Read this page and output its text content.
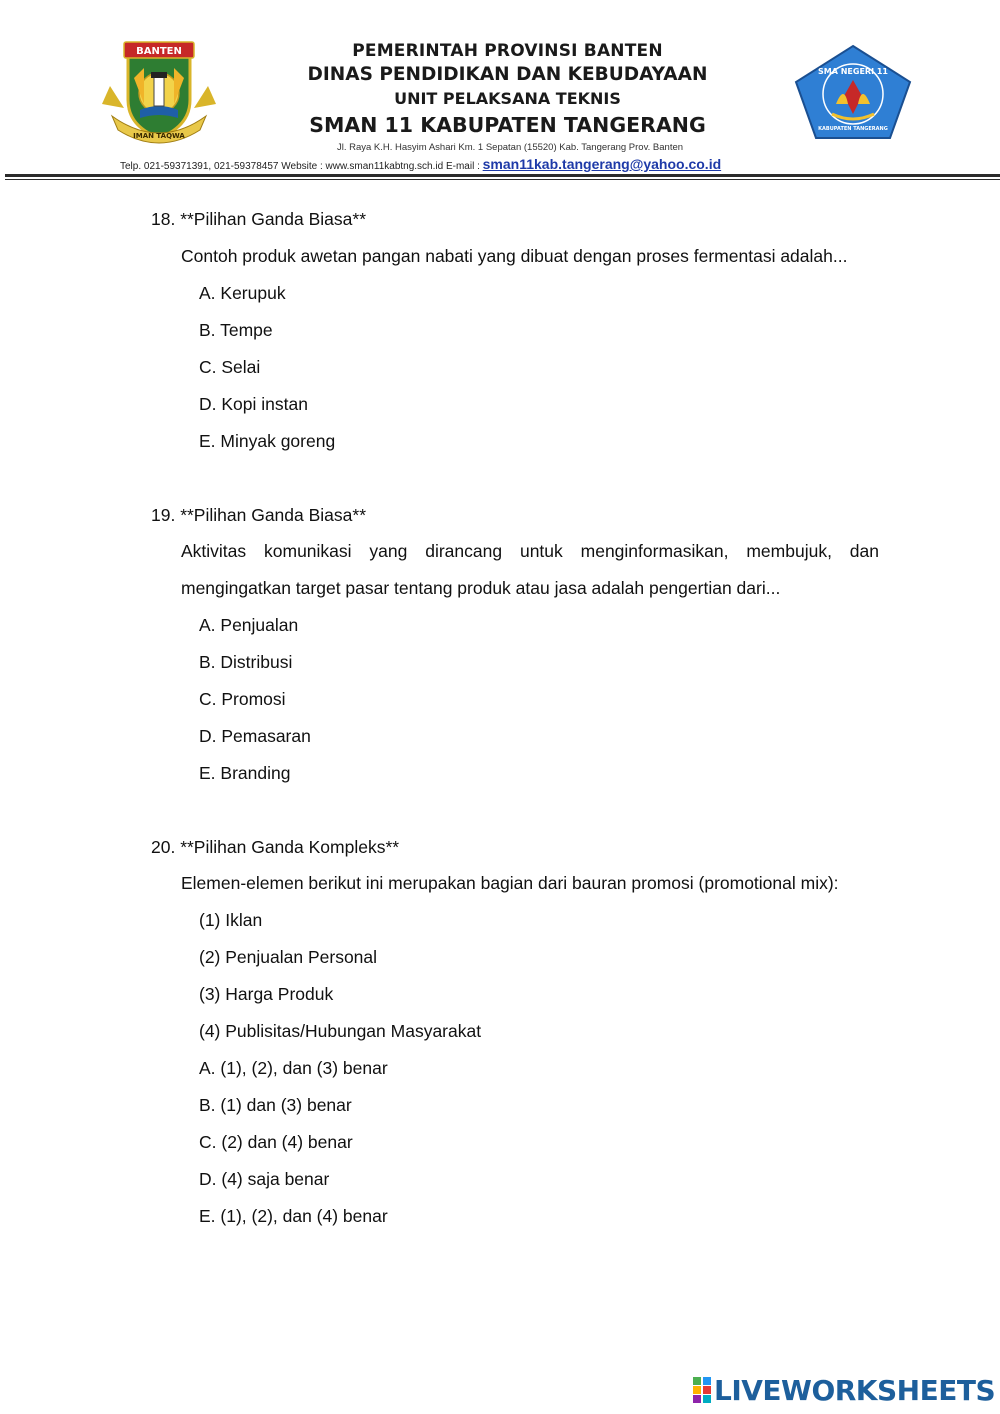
BANTEN
IMAN TAQWA
PEMERINTAH PROVINSI BANTEN
DINAS PENDIDIKAN DAN KEBUDAYAAN
UNIT PELAKSANA TEKNIS
SMAN 11 KABUPATEN TANGERANG
SMA NEGERI 11
KABUPATEN TANGERANG
Jl. Raya K.H. Hasyim Ashari Km. 1 Sepatan (15520) Kab. Tangerang Prov. Banten
Telp. 021-59371391, 021-59378457 Website : www.sman11kabtng.sch.id E-mail : sman11kab.tangerang@yahoo.co.id
18. **Pilihan Ganda Biasa**
Contoh produk awetan pangan nabati yang dibuat dengan proses fermentasi adalah...
A. Kerupuk
B. Tempe
C. Selai
D. Kopi instan
E. Minyak goreng
19. **Pilihan Ganda Biasa**
Aktivitas komunikasi yang dirancang untuk menginformasikan, membujuk, dan mengingatkan target pasar tentang produk atau jasa adalah pengertian dari...
A. Penjualan
B. Distribusi
C. Promosi
D. Pemasaran
E. Branding
20. **Pilihan Ganda Kompleks**
Elemen-elemen berikut ini merupakan bagian dari bauran promosi (promotional mix):
(1) Iklan
(2) Penjualan Personal
(3) Harga Produk
(4) Publisitas/Hubungan Masyarakat
A. (1), (2), dan (3) benar
B. (1) dan (3) benar
C. (2) dan (4) benar
D. (4) saja benar
E. (1), (2), dan (4) benar
LIVEWORKSHEETS
